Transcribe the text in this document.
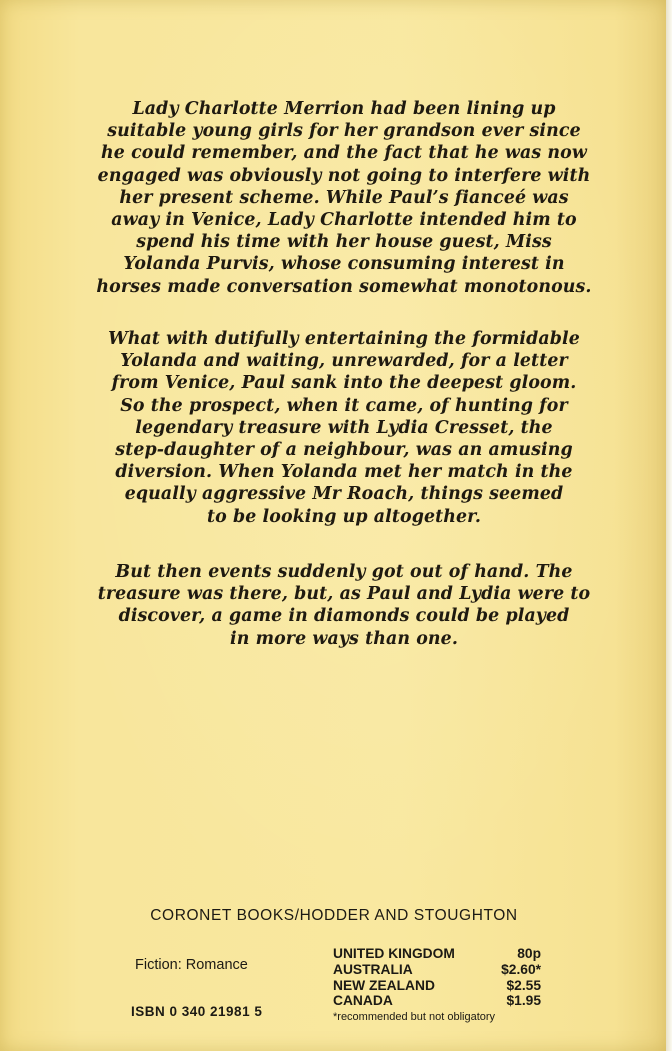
Lady Charlotte Merrion had been lining up
suitable young girls for her grandson ever since
he could remember, and the fact that he was now
engaged was obviously not going to interfere with
her present scheme. While Paul’s fianceé was
away in Venice, Lady Charlotte intended him to
spend his time with her house guest, Miss
Yolanda Purvis, whose consuming interest in
horses made conversation somewhat monotonous.

What with dutifully entertaining the formidable
Yolanda and waiting, unrewarded, for a letter
from Venice, Paul sank into the deepest gloom.
So the prospect, when it came, of hunting for
legendary treasure with Lydia Cresset, the
step-daughter of a neighbour, was an amusing
diversion. When Yolanda met her match in the
equally aggressive Mr Roach, things seemed
to be looking up altogether.

But then events suddenly got out of hand. The
treasure was there, but, as Paul and Lydia were to
discover, a game in diamonds could be played
in more ways than one.

CORONET BOOKS/HODDER AND STOUGHTON
Fiction: Romance
ISBN 0 340 21981 5
UNITED KINGDOM	80p
AUSTRALIA	$2.60*
NEW ZEALAND	$2.55
CANADA	$1.95
*recommended but not obligatory
